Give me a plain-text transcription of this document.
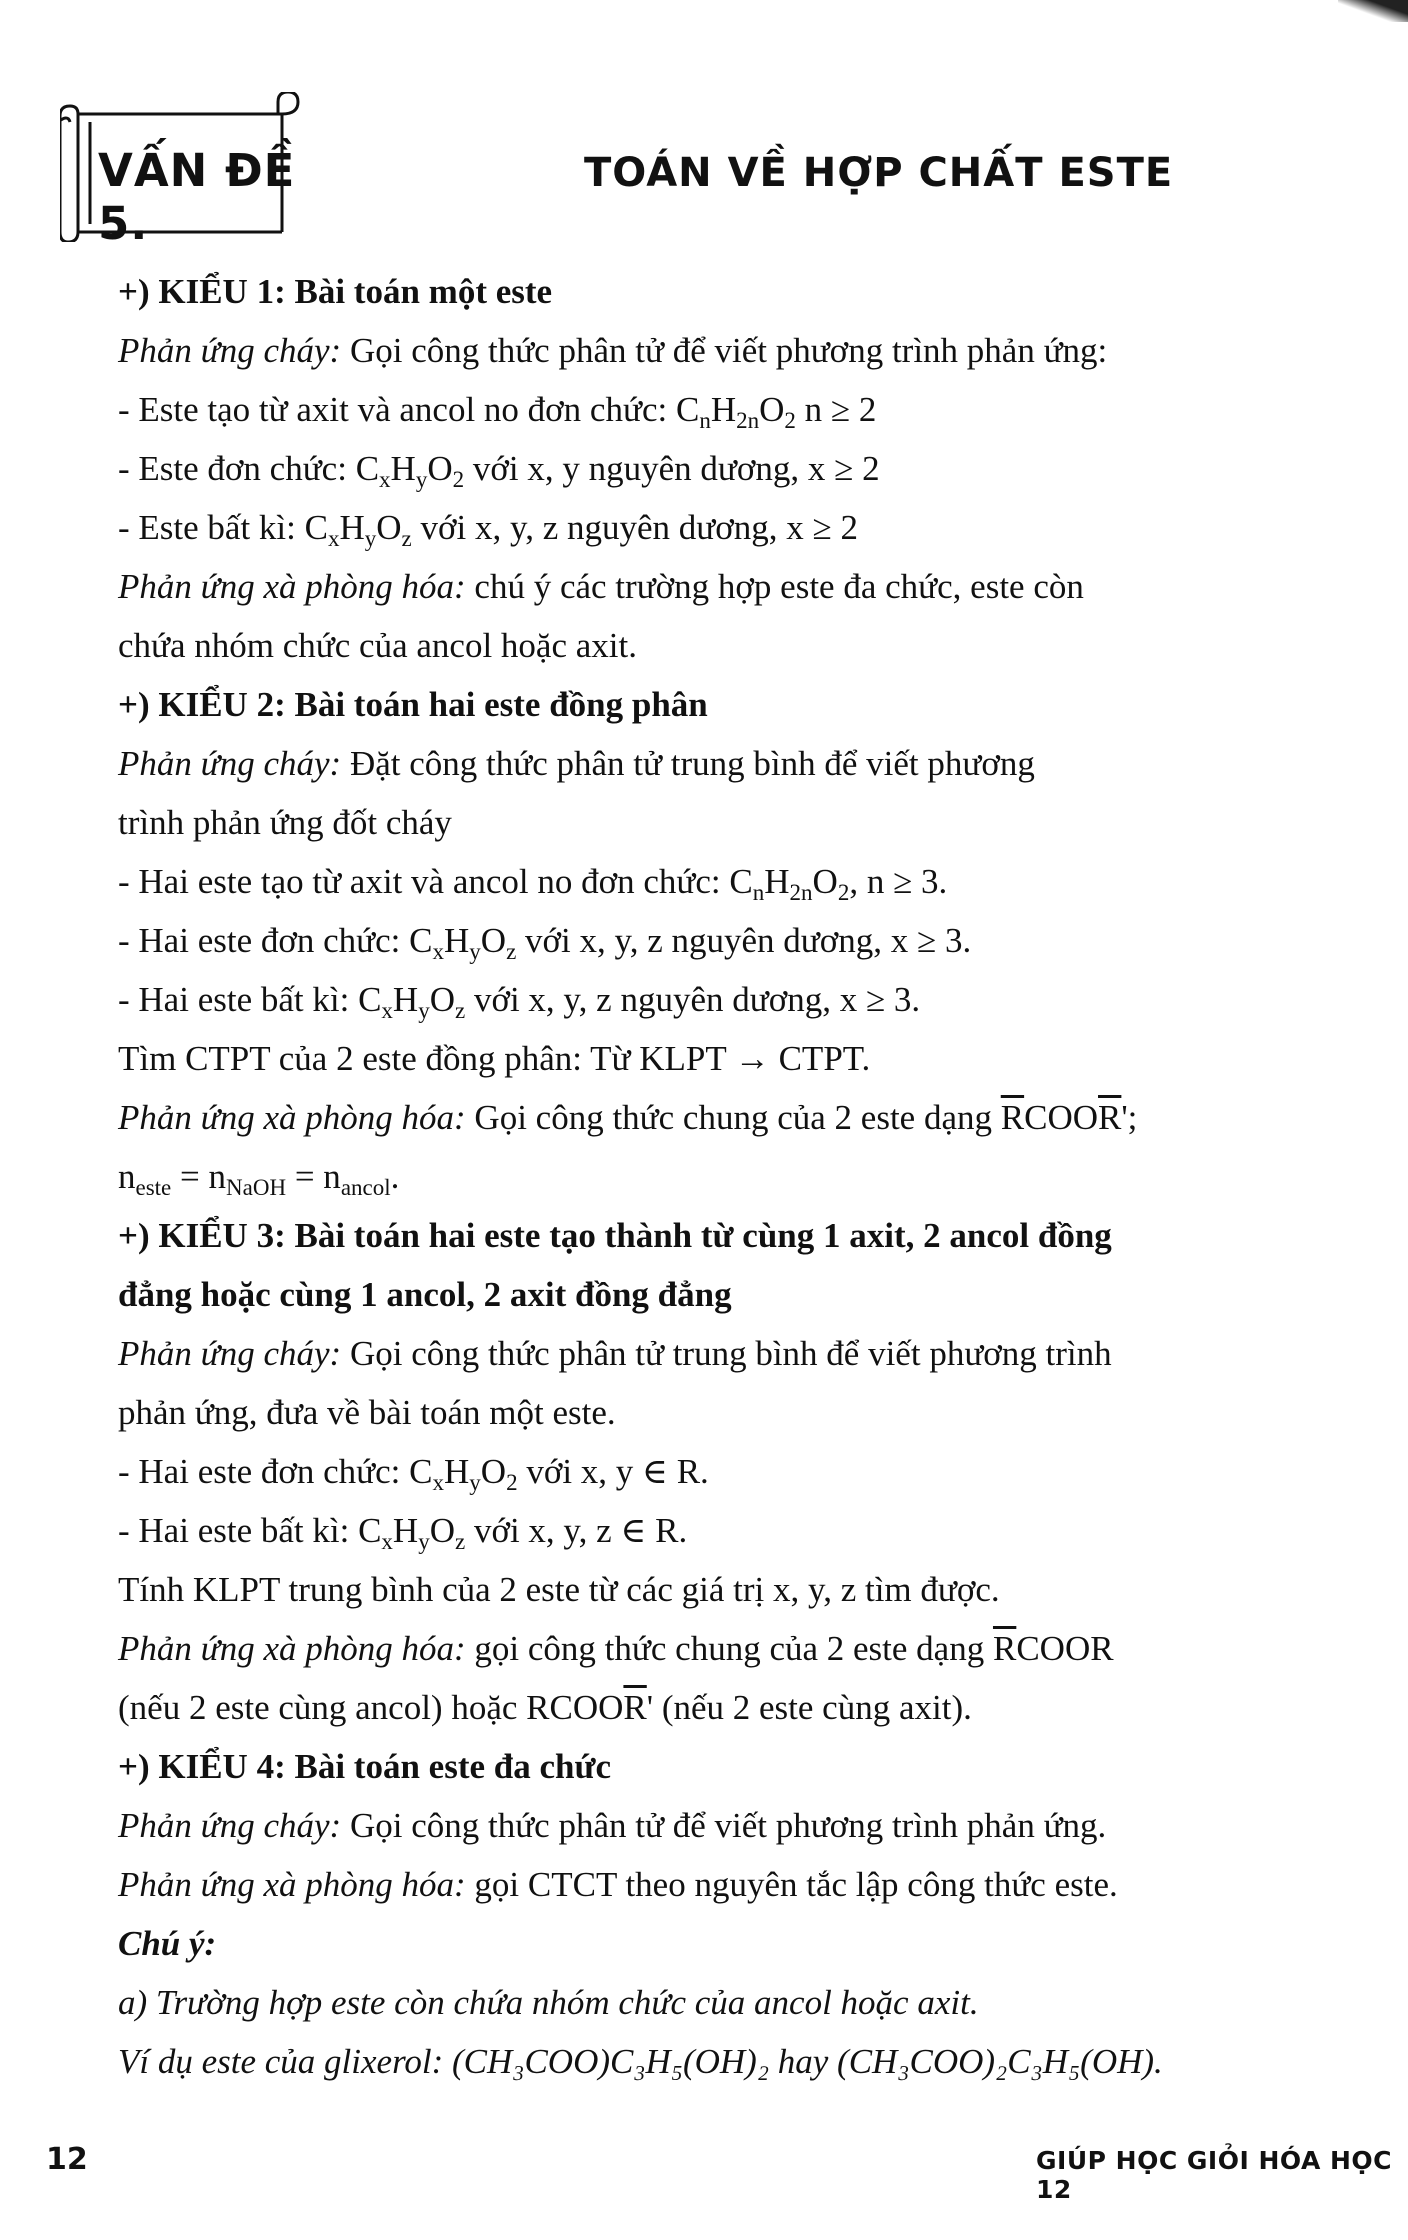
VẤN ĐỀ 5.
TOÁN VỀ HỢP CHẤT ESTE
+) KIỂU 1: Bài toán một este
Phản ứng cháy: Gọi công thức phân tử để viết phương trình phản ứng:
- Este tạo từ axit và ancol no đơn chức: $C_nH_{2n}O_2$ n ≥ 2
- Este đơn chức: $C_xH_yO_2$ với x, y nguyên dương, x ≥ 2
- Este bất kì: $C_xH_yO_z$ với x, y, z nguyên dương, x ≥ 2
Phản ứng xà phòng hóa: chú ý các trường hợp este đa chức, este còn
chứa nhóm chức của ancol hoặc axit.
+) KIỂU 2: Bài toán hai este đồng phân
Phản ứng cháy: Đặt công thức phân tử trung bình để viết phương
trình phản ứng đốt cháy
- Hai este tạo từ axit và ancol no đơn chức: $C_nH_{2n}O_2$, n ≥ 3.
- Hai este đơn chức: $C_xH_yO_z$ với x, y, z nguyên dương, x ≥ 3.
- Hai este bất kì: $C_xH_yO_z$ với x, y, z nguyên dương, x ≥ 3.
Tìm CTPT của 2 este đồng phân: Từ KLPT → CTPT.
Phản ứng xà phòng hóa: Gọi công thức chung của 2 este dạng $\overline{R}COO\overline{R}'$;
$n_{este} = n_{NaOH} = n_{ancol}$.
+) KIỂU 3: Bài toán hai este tạo thành từ cùng 1 axit, 2 ancol đồng
đẳng hoặc cùng 1 ancol, 2 axit đồng đẳng
Phản ứng cháy: Gọi công thức phân tử trung bình để viết phương trình
phản ứng, đưa về bài toán một este.
- Hai este đơn chức: $C_xH_yO_2$ với x, y ∈ R.
- Hai este bất kì: $C_xH_yO_z$ với x, y, z ∈ R.
Tính KLPT trung bình của 2 este từ các giá trị x, y, z tìm được.
Phản ứng xà phòng hóa: gọi công thức chung của 2 este dạng $\overline{R}COOR$
(nếu 2 este cùng ancol) hoặc $RCOO\overline{R}'$ (nếu 2 este cùng axit).
+) KIỂU 4: Bài toán este đa chức
Phản ứng cháy: Gọi công thức phân tử để viết phương trình phản ứng.
Phản ứng xà phòng hóa: gọi CTCT theo nguyên tắc lập công thức este.
Chú ý:
a) Trường hợp este còn chứa nhóm chức của ancol hoặc axit.
Ví dụ este của glixerol: (CH₃COO)C₃H₅(OH)₂ hay (CH₃COO)₂C₃H₅(OH).
12	GIÚP HỌC GIỎI HÓA HỌC 12
